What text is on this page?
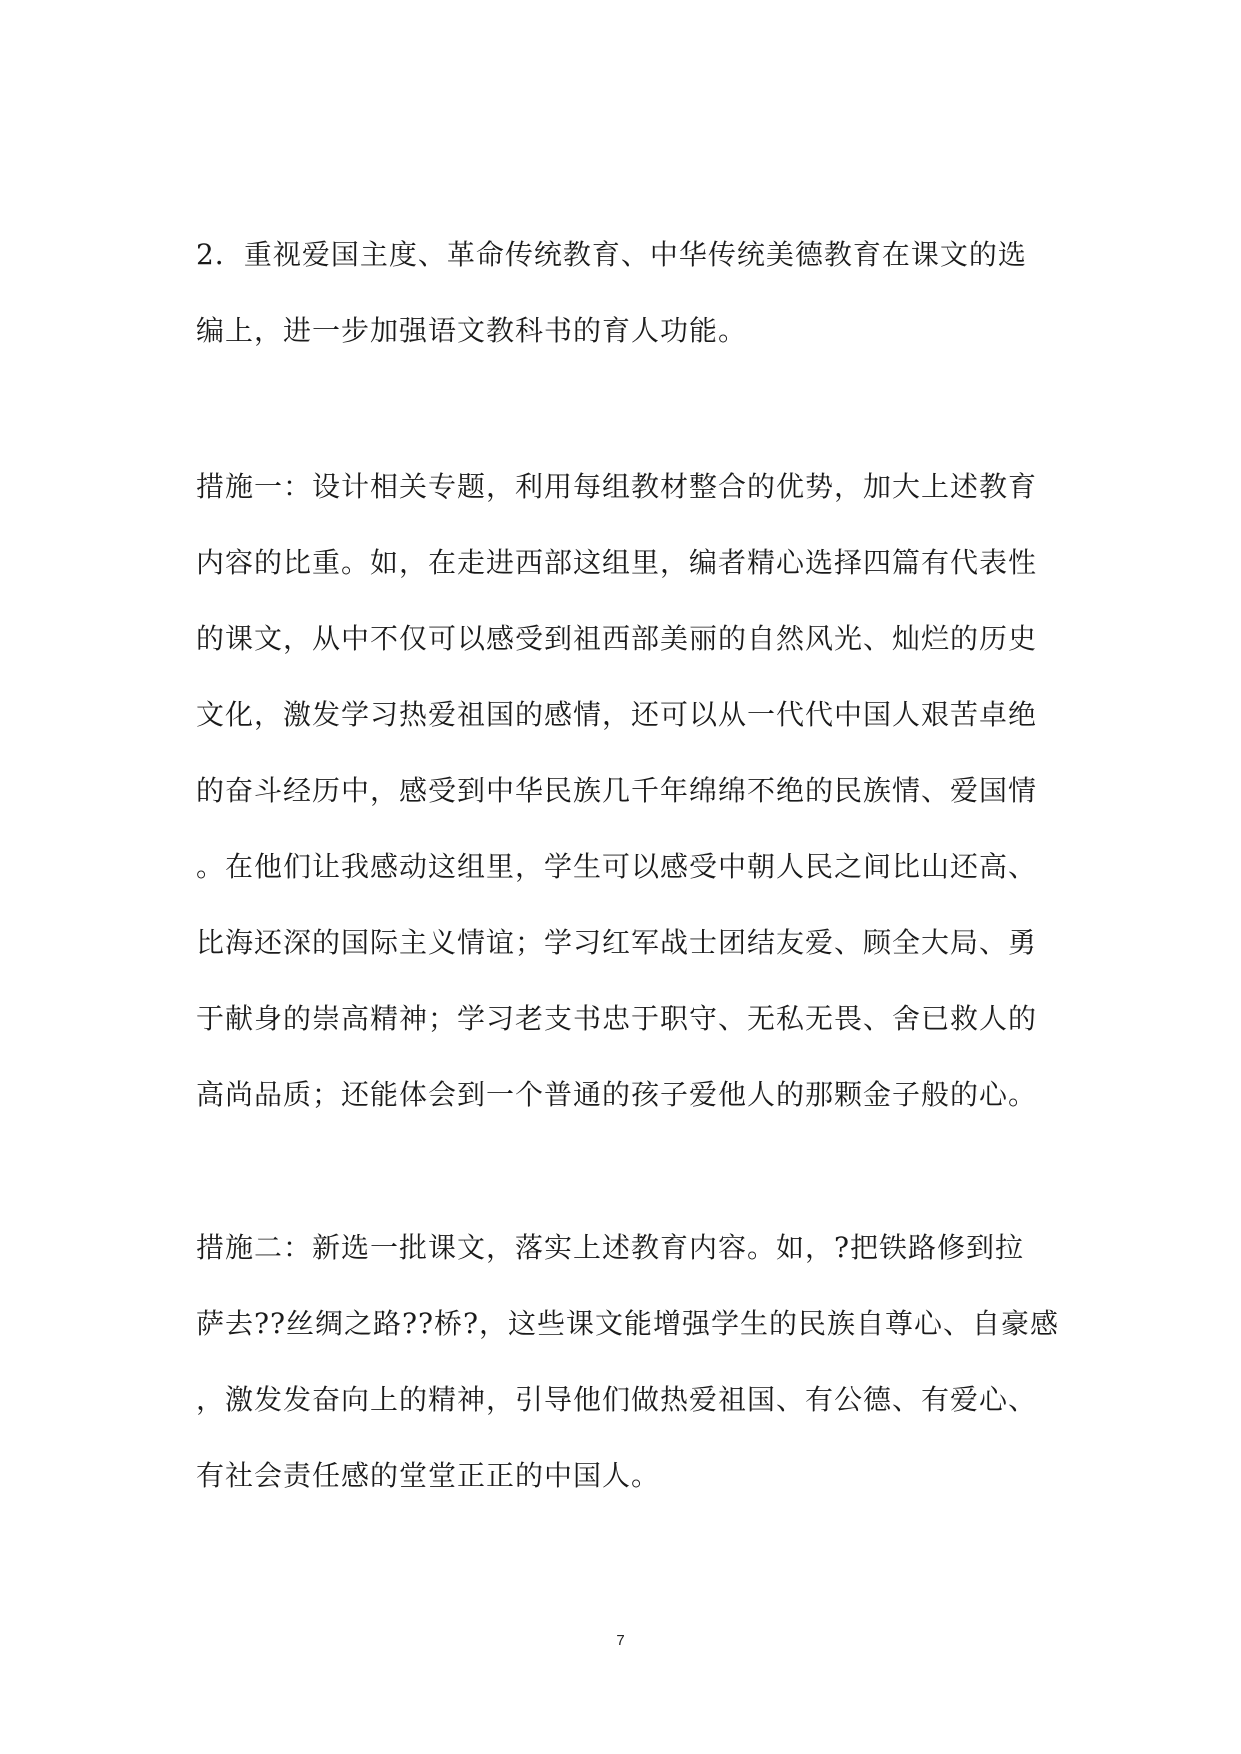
2．重视爱国主度、革命传统教育、中华传统美德教育在课文的选
编上，进一步加强语文教科书的育人功能。
措施一：设计相关专题，利用每组教材整合的优势，加大上述教育
内容的比重。如，在走进西部这组里，编者精心选择四篇有代表性
的课文，从中不仅可以感受到祖西部美丽的自然风光、灿烂的历史
文化，激发学习热爱祖国的感情，还可以从一代代中国人艰苦卓绝
的奋斗经历中，感受到中华民族几千年绵绵不绝的民族情、爱国情
。在他们让我感动这组里，学生可以感受中朝人民之间比山还高、
比海还深的国际主义情谊；学习红军战士团结友爱、顾全大局、勇
于献身的崇高精神；学习老支书忠于职守、无私无畏、舍已救人的
高尚品质；还能体会到一个普通的孩子爱他人的那颗金子般的心。
措施二：新选一批课文，落实上述教育内容。如，?把铁路修到拉
萨去??丝绸之路??桥?，这些课文能增强学生的民族自尊心、自豪感
，激发发奋向上的精神，引导他们做热爱祖国、有公德、有爱心、
有社会责任感的堂堂正正的中国人。
7
